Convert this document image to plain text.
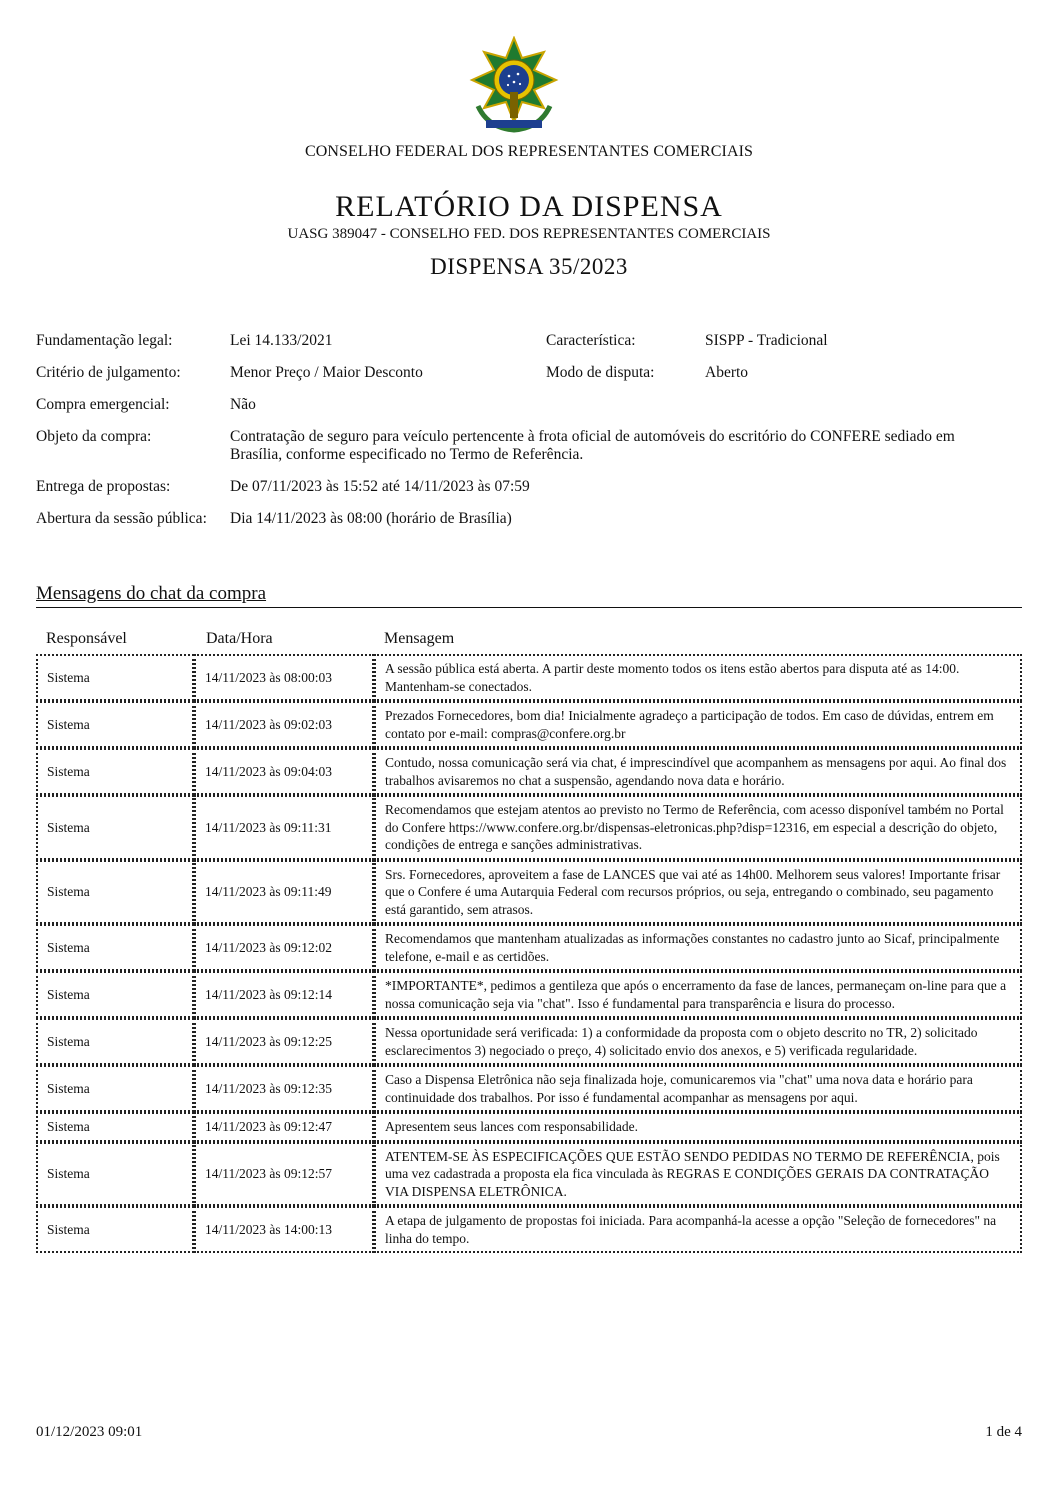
CONSELHO FEDERAL DOS REPRESENTANTES COMERCIAIS
RELATÓRIO DA DISPENSA
UASG 389047 - CONSELHO FED. DOS REPRESENTANTES COMERCIAIS
DISPENSA 35/2023
Fundamentação legal:	Lei 14.133/2021	Característica:	SISPP - Tradicional
Critério de julgamento:	Menor Preço / Maior Desconto	Modo de disputa:	Aberto
Compra emergencial:	Não
Objeto da compra:	Contratação de seguro para veículo pertencente à frota oficial de automóveis do escritório do CONFERE sediado em Brasília, conforme especificado no Termo de Referência.
Entrega de propostas:	De 07/11/2023 às 15:52 até 14/11/2023 às 07:59
Abertura da sessão pública: Dia 14/11/2023 às 08:00 (horário de Brasília)
Mensagens do chat da compra
Responsável	Data/Hora	Mensagem
Sistema	14/11/2023 às 08:00:03	A sessão pública está aberta. A partir deste momento todos os itens estão abertos para disputa até as 14:00. Mantenham-se conectados.
Sistema	14/11/2023 às 09:02:03	Prezados Fornecedores, bom dia! Inicialmente agradeço a participação de todos. Em caso de dúvidas, entrem em contato por e-mail: compras@confere.org.br
Sistema	14/11/2023 às 09:04:03	Contudo, nossa comunicação será via chat, é imprescindível que acompanhem as mensagens por aqui. Ao final dos trabalhos avisaremos no chat a suspensão, agendando nova data e horário.
Sistema	14/11/2023 às 09:11:31	Recomendamos que estejam atentos ao previsto no Termo de Referência, com acesso disponível também no Portal do Confere https://www.confere.org.br/dispensas-eletronicas.php?disp=12316, em especial a descrição do objeto, condições de entrega e sanções administrativas.
Sistema	14/11/2023 às 09:11:49	Srs. Fornecedores, aproveitem a fase de LANCES que vai até as 14h00. Melhorem seus valores! Importante frisar que o Confere é uma Autarquia Federal com recursos próprios, ou seja, entregando o combinado, seu pagamento está garantido, sem atrasos.
Sistema	14/11/2023 às 09:12:02	Recomendamos que mantenham atualizadas as informações constantes no cadastro junto ao Sicaf, principalmente telefone, e-mail e as certidões.
Sistema	14/11/2023 às 09:12:14	*IMPORTANTE*, pedimos a gentileza que após o encerramento da fase de lances, permaneçam on-line para que a nossa comunicação seja via "chat". Isso é fundamental para transparência e lisura do processo.
Sistema	14/11/2023 às 09:12:25	Nessa oportunidade será verificada: 1) a conformidade da proposta com o objeto descrito no TR, 2) solicitado esclarecimentos 3) negociado o preço, 4) solicitado envio dos anexos, e 5) verificada regularidade.
Sistema	14/11/2023 às 09:12:35	Caso a Dispensa Eletrônica não seja finalizada hoje, comunicaremos via "chat" uma nova data e horário para continuidade dos trabalhos. Por isso é fundamental acompanhar as mensagens por aqui.
Sistema	14/11/2023 às 09:12:47	Apresentem seus lances com responsabilidade.
Sistema	14/11/2023 às 09:12:57	ATENTEM-SE ÀS ESPECIFICAÇÕES QUE ESTÃO SENDO PEDIDAS NO TERMO DE REFERÊNCIA, pois uma vez cadastrada a proposta ela fica vinculada às REGRAS E CONDIÇÕES GERAIS DA CONTRATAÇÃO VIA DISPENSA ELETRÔNICA.
Sistema	14/11/2023 às 14:00:13	A etapa de julgamento de propostas foi iniciada. Para acompanhá-la acesse a opção "Seleção de fornecedores" na linha do tempo.
01/12/2023 09:01	1 de 4
